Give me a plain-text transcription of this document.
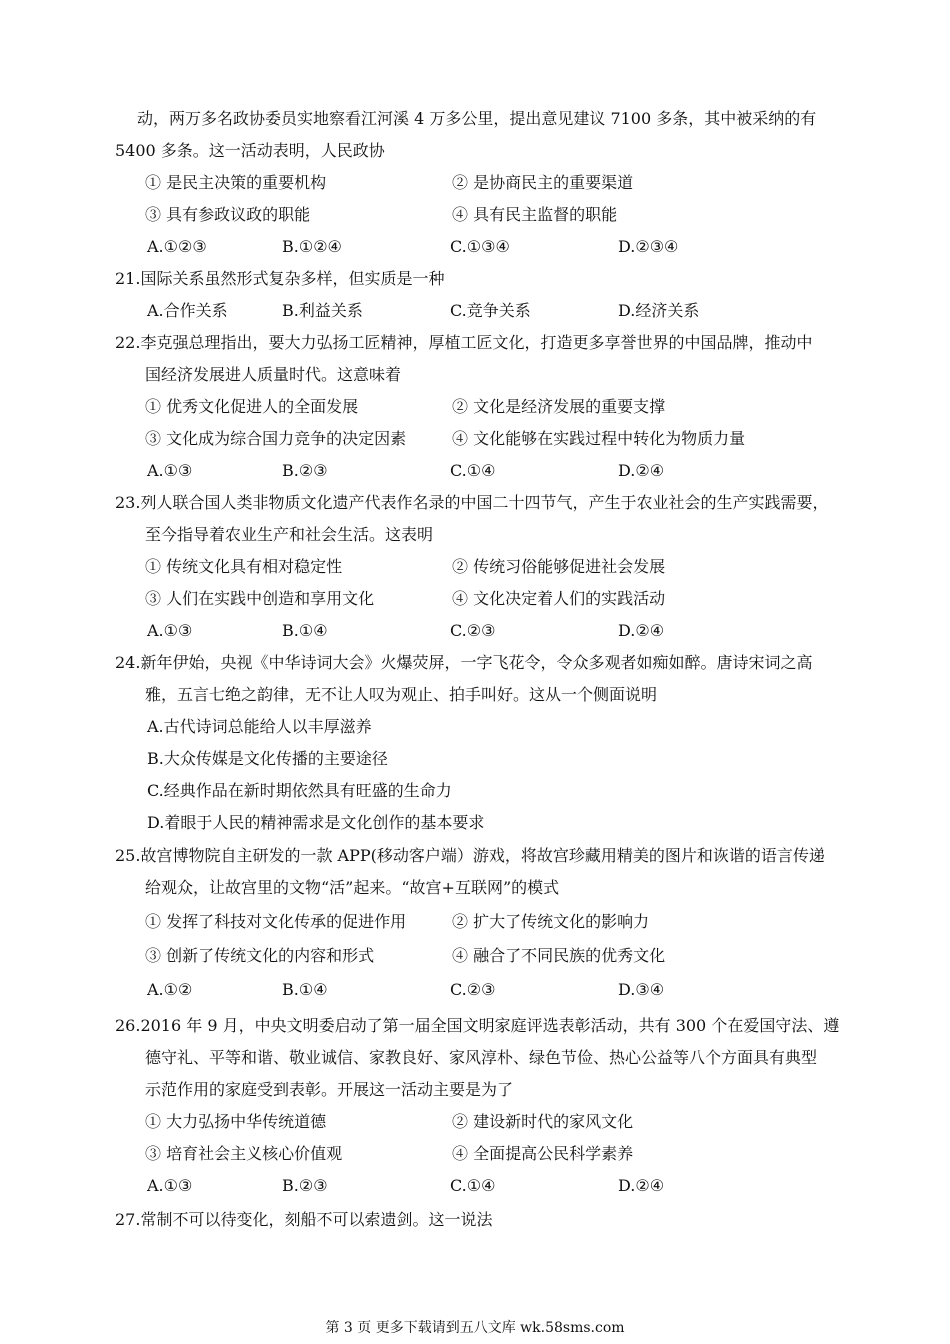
动，两万多名政协委员实地察看江河溪 4 万多公里，提出意见建议 7100 多条，其中被采纳的有
5400 多条。这一活动表明，人民政协
① 是民主决策的重要机构	② 是协商民主的重要渠道
③ 具有参政议政的职能	④ 具有民主监督的职能
A.①②③	B.①②④	C.①③④	D.②③④
21.国际关系虽然形式复杂多样，但实质是一种
A.合作关系	B.利益关系	C.竞争关系	D.经济关系
22.李克强总理指出，要大力弘扬工匠精神，厚植工匠文化，打造更多享誉世界的中国品牌，推动中
国经济发展进人质量时代。这意味着
① 优秀文化促进人的全面发展	② 文化是经济发展的重要支撑
③ 文化成为综合国力竞争的决定因素	④ 文化能够在实践过程中转化为物质力量
A.①③	B.②③	C.①④	D.②④
23.列人联合国人类非物质文化遗产代表作名录的中国二十四节气，产生于农业社会的生产实践需要，
至今指导着农业生产和社会生活。这表明
① 传统文化具有相对稳定性	② 传统习俗能够促进社会发展
③ 人们在实践中创造和享用文化	④ 文化决定着人们的实践活动
A.①③	B.①④	C.②③	D.②④
24.新年伊始，央视《中华诗词大会》火爆荧屏，一字飞花令，令众多观者如痴如醉。唐诗宋词之高
雅，五言七绝之韵律，无不让人叹为观止、拍手叫好。这从一个侧面说明
A.古代诗词总能给人以丰厚滋养
B.大众传媒是文化传播的主要途径
C.经典作品在新时期依然具有旺盛的生命力
D.着眼于人民的精神需求是文化创作的基本要求
25.故宫博物院自主研发的一款 APP(移动客户端）游戏，将故宫珍藏用精美的图片和诙谐的语言传递
给观众，让故宫里的文物“活”起来。“故宫+互联网”的模式
① 发挥了科技对文化传承的促进作用	② 扩大了传统文化的影响力
③ 创新了传统文化的内容和形式	④ 融合了不同民族的优秀文化
A.①②	B.①④	C.②③	D.③④
26.2016 年 9 月，中央文明委启动了第一届全国文明家庭评选表彰活动，共有 300 个在爱国守法、遵
德守礼、平等和谐、敬业诚信、家教良好、家风淳朴、绿色节俭、热心公益等八个方面具有典型
示范作用的家庭受到表彰。开展这一活动主要是为了
① 大力弘扬中华传统道德	② 建设新时代的家风文化
③ 培育社会主义核心价值观	④ 全面提高公民科学素养
A.①③	B.②③	C.①④	D.②④
27.常制不可以待变化，刻船不可以索遗剑。这一说法
第 3 页 更多下载请到五八文库 wk.58sms.com
